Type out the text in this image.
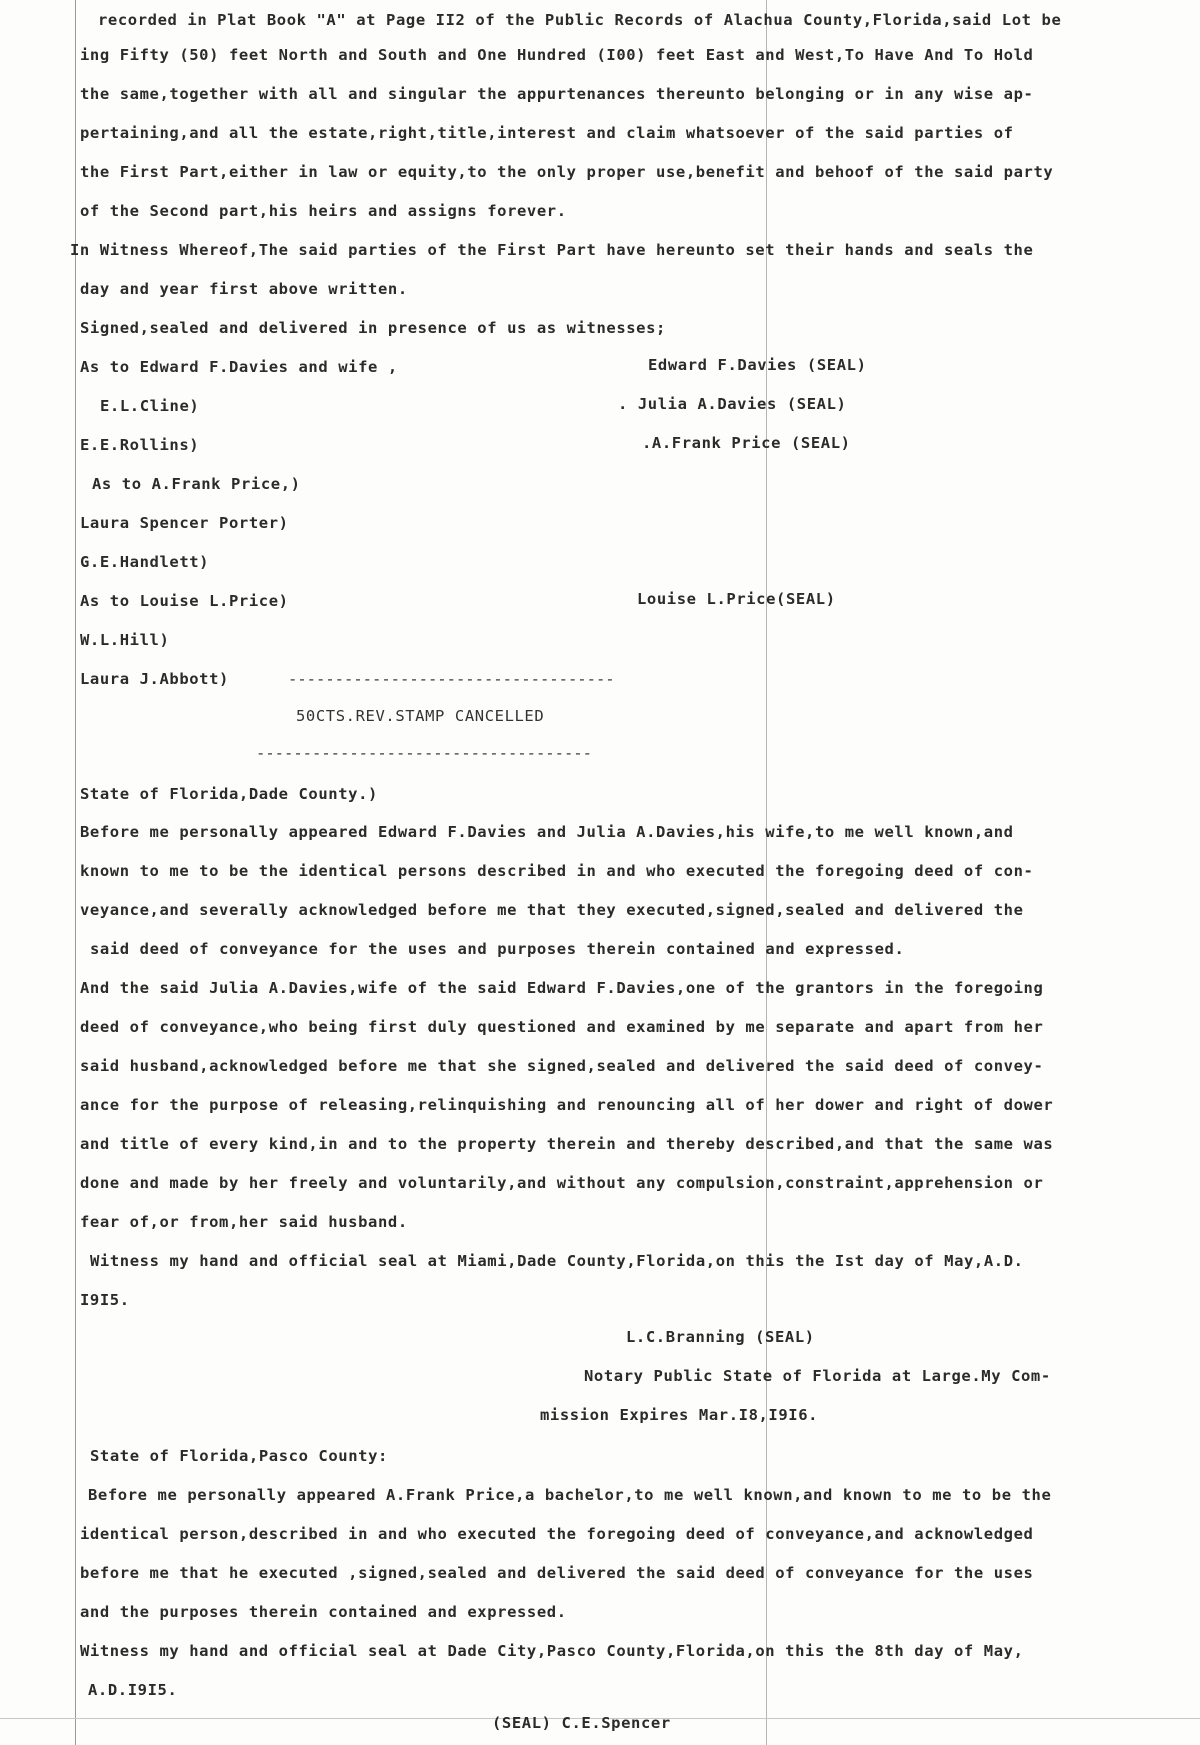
recorded in Plat Book "A" at Page II2 of the Public Records of Alachua County,Florida,said Lot be
ing Fifty (50) feet North and South and One Hundred (I00) feet East and West,To Have And To Hold
the same,together with all and singular the appurtenances thereunto belonging or in any wise ap-
pertaining,and all the estate,right,title,interest and claim whatsoever of the said parties of
the First Part,either in law or equity,to the only proper use,benefit and behoof of the said party
of the Second part,his heirs and assigns forever.
In Witness Whereof,The said parties of the First Part have hereunto set their hands and seals the
day and year first above written.
Signed,sealed and delivered in presence of us as witnesses;
As to Edward F.Davies and wife ,	Edward F.Davies (SEAL)
E.L.Cline)	. Julia A.Davies (SEAL)
E.E.Rollins)	.A.Frank Price (SEAL)
As to A.Frank Price,)
Laura Spencer Porter)
G.E.Handlett)
As to Louise L.Price)	Louise L.Price(SEAL)
W.L.Hill)
Laura J.Abbott)	-----------------------------------
50CTS.REV.STAMP CANCELLED
------------------------------------
State of Florida,Dade County.)
Before me personally appeared Edward F.Davies and Julia A.Davies,his wife,to me well known,and
known to me to be the identical persons described in and who executed the foregoing deed of con-
veyance,and severally acknowledged before me that they executed,signed,sealed and delivered the
said deed of conveyance for the uses and purposes therein contained and expressed.
And the said Julia A.Davies,wife of the said Edward F.Davies,one of the grantors in the foregoing
deed of conveyance,who being first duly questioned and examined by me separate and apart from her
said husband,acknowledged before me that she signed,sealed and delivered the said deed of convey-
ance for the purpose of releasing,relinquishing and renouncing all of her dower and right of dower
and title of every kind,in and to the property therein and thereby described,and that the same was
done and made by her freely and voluntarily,and without any compulsion,constraint,apprehension or
fear of,or from,her said husband.
Witness my hand and official seal at Miami,Dade County,Florida,on this the Ist day of May,A.D.
I9I5.
L.C.Branning (SEAL)
Notary Public State of Florida at Large.My Com-
mission Expires Mar.I8,I9I6.
State of Florida,Pasco County:
Before me personally appeared A.Frank Price,a bachelor,to me well known,and known to me to be the
identical person,described in and who executed the foregoing deed of conveyance,and acknowledged
before me that he executed ,signed,sealed and delivered the said deed of conveyance for the uses
and the purposes therein contained and expressed.
Witness my hand and official seal at Dade City,Pasco County,Florida,on this the 8th day of May,
A.D.I9I5.
(SEAL) C.E.Spencer
